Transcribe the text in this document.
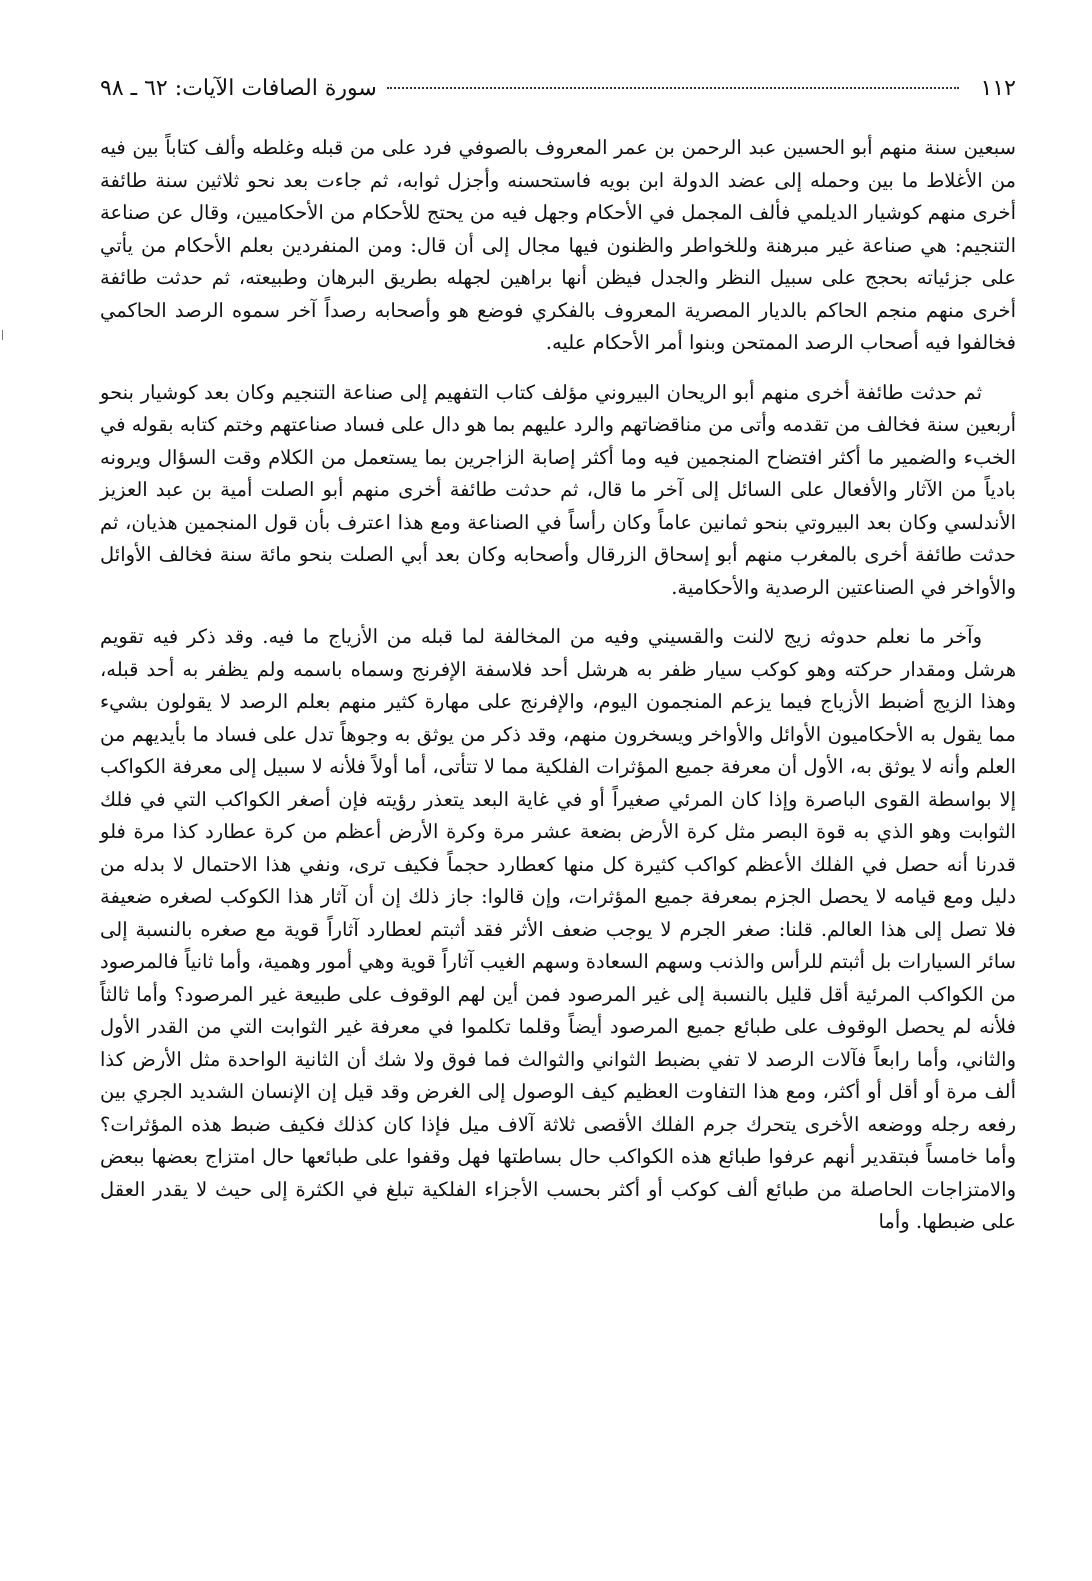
١١٢
سورة الصافات الآيات: ٦٢ ـ ٩٨

سبعين سنة منهم أبو الحسين عبد الرحمن بن عمر المعروف بالصوفي فرد على من قبله وغلطه وألف كتاباً بين فيه من الأغلاط ما بين وحمله إلى عضد الدولة ابن بويه فاستحسنه وأجزل ثوابه، ثم جاءت بعد نحو ثلاثين سنة طائفة أخرى منهم كوشيار الديلمي فألف المجمل في الأحكام وجهل فيه من يحتج للأحكام من الأحكاميين، وقال عن صناعة التنجيم: هي صناعة غير مبرهنة وللخواطر والظنون فيها مجال إلى أن قال: ومن المنفردين بعلم الأحكام من يأتي على جزئياته بحجج على سبيل النظر والجدل فيظن أنها براهين لجهله بطريق البرهان وطبيعته، ثم حدثت طائفة أخرى منهم منجم الحاكم بالديار المصرية المعروف بالفكري فوضع هو وأصحابه رصداً آخر سموه الرصد الحاكمي فخالفوا فيه أصحاب الرصد الممتحن وبنوا أمر الأحكام عليه.

ثم حدثت طائفة أخرى منهم أبو الريحان البيروني مؤلف كتاب التفهيم إلى صناعة التنجيم وكان بعد كوشيار بنحو أربعين سنة فخالف من تقدمه وأتى من مناقضاتهم والرد عليهم بما هو دال على فساد صناعتهم وختم كتابه بقوله في الخبء والضمير ما أكثر افتضاح المنجمين فيه وما أكثر إصابة الزاجرين بما يستعمل من الكلام وقت السؤال ويرونه بادياً من الآثار والأفعال على السائل إلى آخر ما قال، ثم حدثت طائفة أخرى منهم أبو الصلت أمية بن عبد العزيز الأندلسي وكان بعد البيروتي بنحو ثمانين عاماً وكان رأساً في الصناعة ومع هذا اعترف بأن قول المنجمين هذيان، ثم حدثت طائفة أخرى بالمغرب منهم أبو إسحاق الزرقال وأصحابه وكان بعد أبي الصلت بنحو مائة سنة فخالف الأوائل والأواخر في الصناعتين الرصدية والأحكامية.

وآخر ما نعلم حدوثه زيج لالنت والقسيني وفيه من المخالفة لما قبله من الأزياج ما فيه. وقد ذكر فيه تقويم هرشل ومقدار حركته وهو كوكب سيار ظفر به هرشل أحد فلاسفة الإفرنج وسماه باسمه ولم يظفر به أحد قبله، وهذا الزيج أضبط الأزياج فيما يزعم المنجمون اليوم، والإفرنج على مهارة كثير منهم بعلم الرصد لا يقولون بشيء مما يقول به الأحكاميون الأوائل والأواخر ويسخرون منهم، وقد ذكر من يوثق به وجوهاً تدل على فساد ما بأيديهم من العلم وأنه لا يوثق به، الأول أن معرفة جميع المؤثرات الفلكية مما لا تتأتى، أما أولاً فلأنه لا سبيل إلى معرفة الكواكب إلا بواسطة القوى الباصرة وإذا كان المرئي صغيراً أو في غاية البعد يتعذر رؤيته فإن أصغر الكواكب التي في فلك الثوابت وهو الذي به قوة البصر مثل كرة الأرض بضعة عشر مرة وكرة الأرض أعظم من كرة عطارد كذا مرة فلو قدرنا أنه حصل في الفلك الأعظم كواكب كثيرة كل منها كعطارد حجماً فكيف ترى، ونفي هذا الاحتمال لا بدله من دليل ومع قيامه لا يحصل الجزم بمعرفة جميع المؤثرات، وإن قالوا: جاز ذلك إن أن آثار هذا الكوكب لصغره ضعيفة فلا تصل إلى هذا العالم. قلنا: صغر الجرم لا يوجب ضعف الأثر فقد أثبتم لعطارد آثاراً قوية مع صغره بالنسبة إلى سائر السيارات بل أثبتم للرأس والذنب وسهم السعادة وسهم الغيب آثاراً قوية وهي أمور وهمية، وأما ثانياً فالمرصود من الكواكب المرئية أقل قليل بالنسبة إلى غير المرصود فمن أين لهم الوقوف على طبيعة غير المرصود؟ وأما ثالثاً فلأنه لم يحصل الوقوف على طبائع جميع المرصود أيضاً وقلما تكلموا في معرفة غير الثوابت التي من القدر الأول والثاني، وأما رابعاً فآلات الرصد لا تفي بضبط الثواني والثوالث فما فوق ولا شك أن الثانية الواحدة مثل الأرض كذا ألف مرة أو أقل أو أكثر، ومع هذا التفاوت العظيم كيف الوصول إلى الغرض وقد قيل إن الإنسان الشديد الجري بين رفعه رجله ووضعه الأخرى يتحرك جرم الفلك الأقصى ثلاثة آلاف ميل فإذا كان كذلك فكيف ضبط هذه المؤثرات؟ وأما خامساً فبتقدير أنهم عرفوا طبائع هذه الكواكب حال بساطتها فهل وقفوا على طبائعها حال امتزاج بعضها ببعض والامتزاجات الحاصلة من طبائع ألف كوكب أو أكثر بحسب الأجزاء الفلكية تبلغ في الكثرة إلى حيث لا يقدر العقل على ضبطها. وأما
